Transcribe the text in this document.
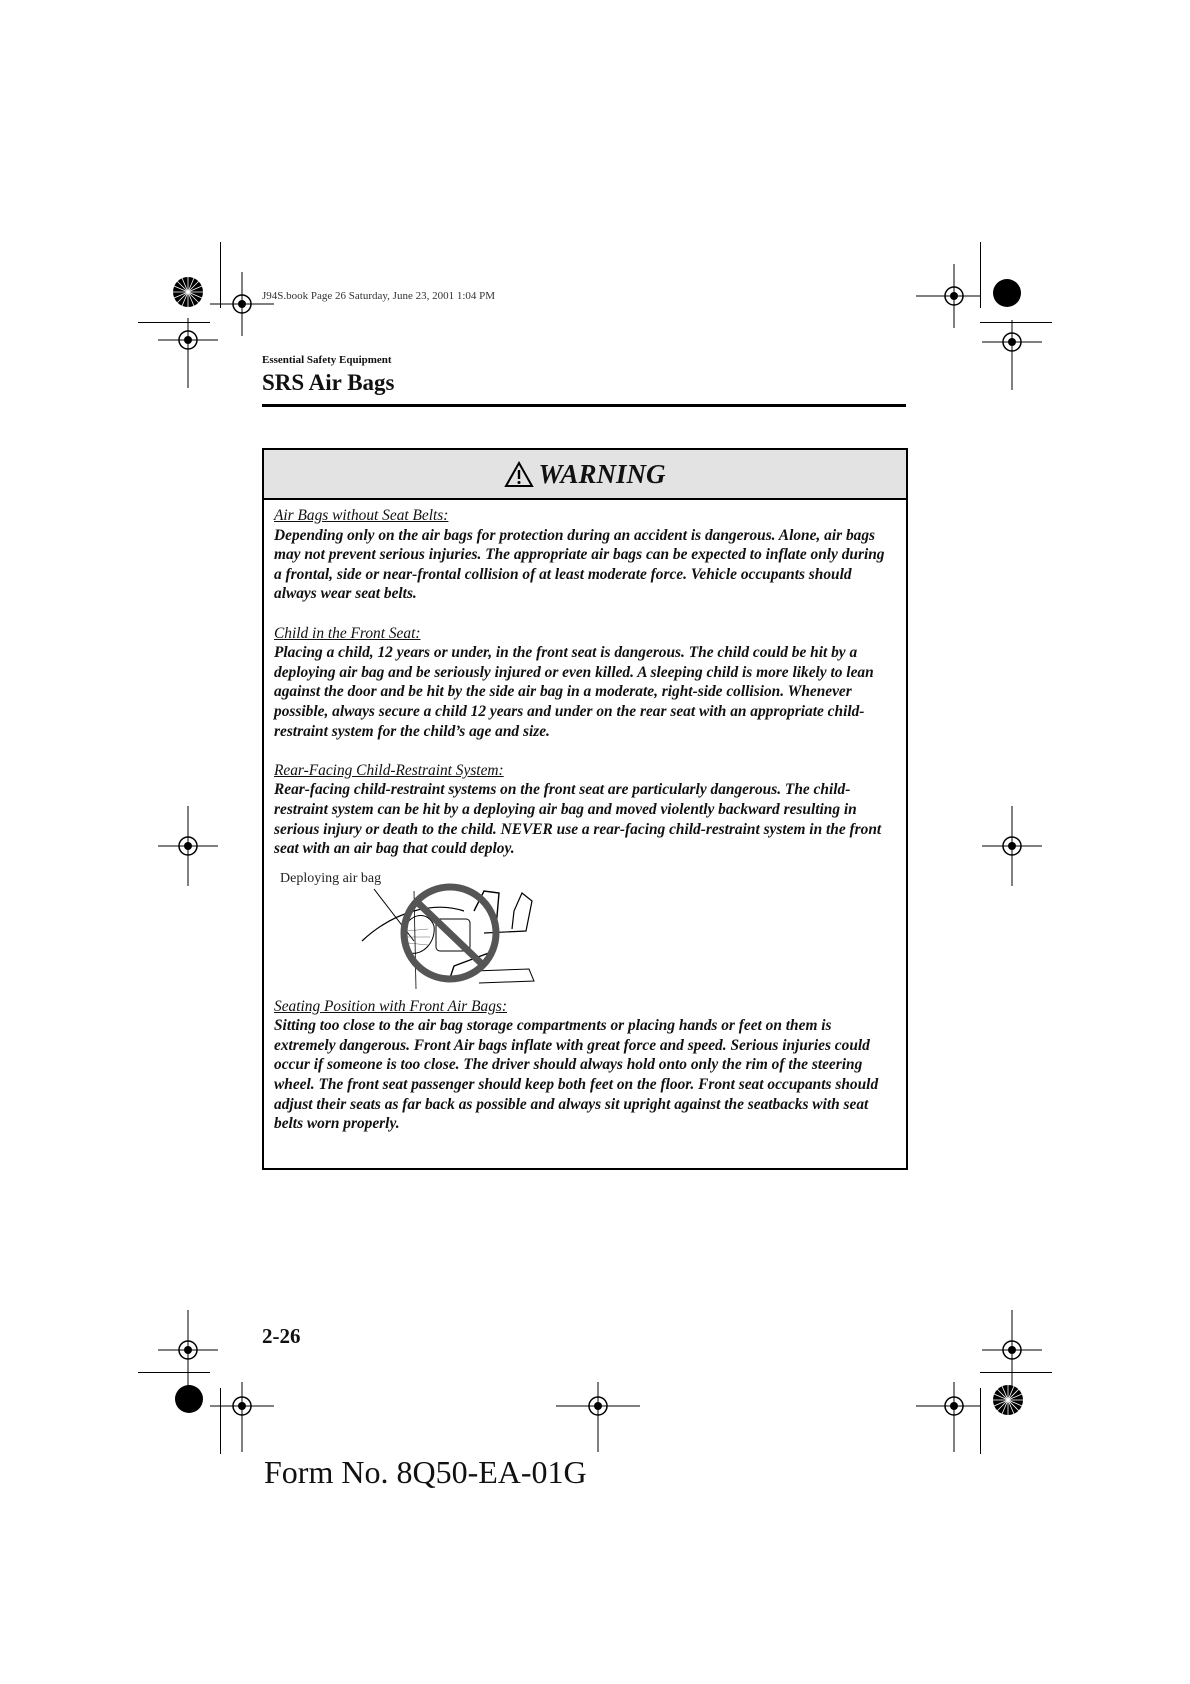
J94S.book Page 26 Saturday, June 23, 2001 1:04 PM
Essential Safety Equipment
SRS Air Bags
WARNING
Air Bags without Seat Belts:

Depending only on the air bags for protection during an accident is dangerous. Alone, air bags may not prevent serious injuries. The appropriate air bags can be expected to inflate only during a frontal, side or near-frontal collision of at least moderate force. Vehicle occupants should always wear seat belts.

Child in the Front Seat:

Placing a child, 12 years or under, in the front seat is dangerous. The child could be hit by a deploying air bag and be seriously injured or even killed. A sleeping child is more likely to lean against the door and be hit by the side air bag in a moderate, right-side collision. Whenever possible, always secure a child 12 years and under on the rear seat with an appropriate child-restraint system for the child’s age and size.

Rear-Facing Child-Restraint System:

Rear-facing child-restraint systems on the front seat are particularly dangerous. The child-restraint system can be hit by a deploying air bag and moved violently backward resulting in serious injury or death to the child. NEVER use a rear-facing child-restraint system in the front seat with an air bag that could deploy.

Deploying air bag
Seating Position with Front Air Bags:

Sitting too close to the air bag storage compartments or placing hands or feet on them is extremely dangerous. Front Air bags inflate with great force and speed. Serious injuries could occur if someone is too close. The driver should always hold onto only the rim of the steering wheel. The front seat passenger should keep both feet on the floor. Front seat occupants should adjust their seats as far back as possible and always sit upright against the seatbacks with seat belts worn properly.

2-26
Form No. 8Q50-EA-01G
